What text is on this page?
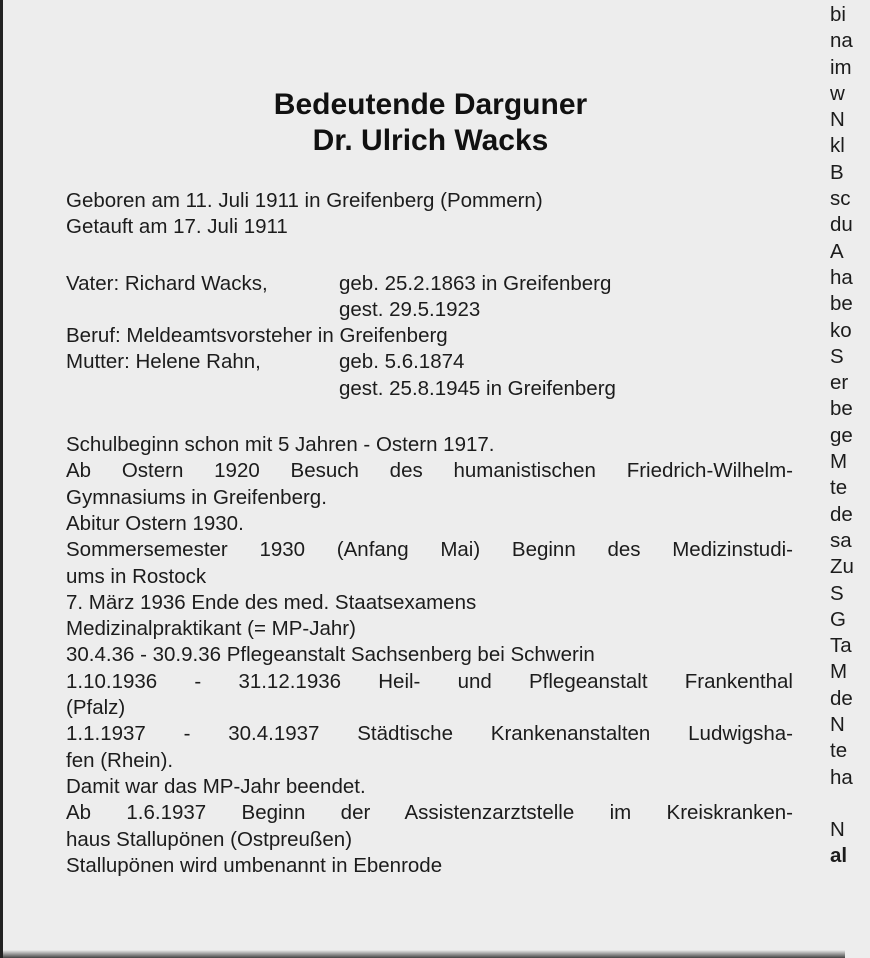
Bedeutende Darguner
Dr. Ulrich Wacks

Geboren am 11. Juli 1911 in Greifenberg (Pommern)

Getauft am 17. Juli 1911

Vater: Richard Wacks,	geb. 25.2.1863 in Greifenberg
gest. 29.5.1923

Beruf: Meldeamtsvorsteher in Greifenberg

Mutter: Helene Rahn,	geb. 5.6.1874
gest. 25.8.1945 in Greifenberg

Schulbeginn schon mit 5 Jahren - Ostern 1917.

Ab Ostern 1920 Besuch des humanistischen Friedrich-Wilhelm-

Gymnasiums in Greifenberg.

Abitur Ostern 1930.

Sommersemester 1930 (Anfang Mai) Beginn des Medizinstudi-

ums in Rostock

7. März 1936 Ende des med. Staatsexamens

Medizinalpraktikant (= MP-Jahr)

30.4.36 - 30.9.36 Pflegeanstalt Sachsenberg bei Schwerin

1.10.1936 - 31.12.1936 Heil- und Pflegeanstalt Frankenthal

(Pfalz)

1.1.1937 - 30.4.1937 Städtische Krankenanstalten Ludwigsha-

fen (Rhein).

Damit war das MP-Jahr beendet.

Ab 1.6.1937 Beginn der Assistenzarztstelle im Kreiskranken-

haus Stallupönen (Ostpreußen)

Stallupönen wird umbenannt in Ebenrode

bi
na
im
w
N
kl
B
sc
du
A
ha
be
ko
S
er
be
ge
M
te
de
sa
Zu
S
G
Ta
M
de
N
te
ha
N
al
